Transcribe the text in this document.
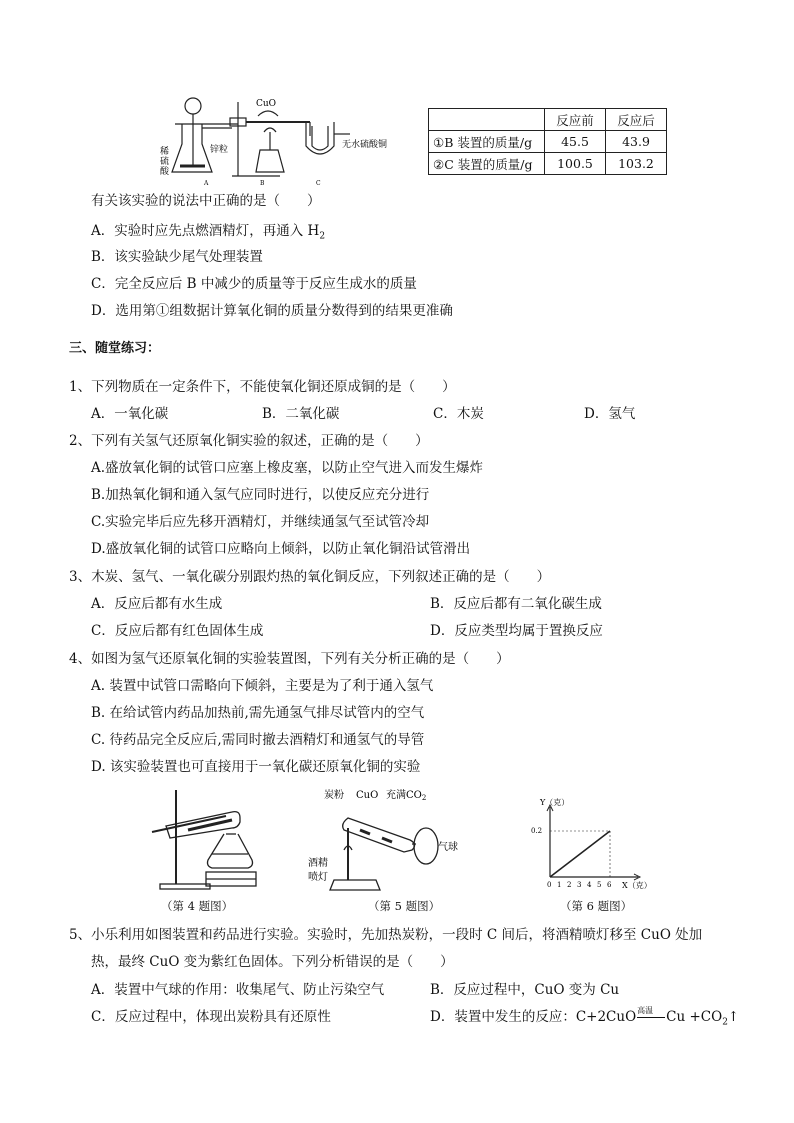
CuO
稀
硫
酸
锌粒	无水硫酸铜
A	B	C
	反应前	反应后
①B 装置的质量/g	45.5	43.9
②C 装置的质量/g	100.5	103.2
有关该实验的说法中正确的是（　　）
A．实验时应先点燃酒精灯，再通入 $H_2$
B．该实验缺少尾气处理装置
C．完全反应后 B 中减少的质量等于反应生成水的质量
D．选用第①组数据计算氧化铜的质量分数得到的结果更准确
三、随堂练习：
1、下列物质在一定条件下，不能使氧化铜还原成铜的是（　　）
A．一氧化碳	B．二氧化碳	C．木炭	D．氢气
2、下列有关氢气还原氧化铜实验的叙述，正确的是（　　）
A.盛放氧化铜的试管口应塞上橡皮塞，以防止空气进入而发生爆炸
B.加热氧化铜和通入氢气应同时进行，以使反应充分进行
C.实验完毕后应先移开酒精灯，并继续通氢气至试管冷却
D.盛放氧化铜的试管口应略向上倾斜，以防止氧化铜沿试管滑出
3、木炭、氢气、一氧化碳分别跟灼热的氧化铜反应，下列叙述正确的是（　　）
A．反应后都有水生成	B．反应后都有二氧化碳生成
C．反应后都有红色固体生成	D．反应类型均属于置换反应
4、如图为氢气还原氧化铜的实验装置图，下列有关分析正确的是（　　）
A. 装置中试管口需略向下倾斜，主要是为了利于通入氢气
B. 在给试管内药品加热前,需先通氢气排尽试管内的空气
C. 待药品完全反应后,需同时撤去酒精灯和通氢气的导管
D. 该实验装置也可直接用于一氧化碳还原氧化铜的实验
炭粉 CuO 充满$CO_2$
气球
酒精
喷灯
Y（克）
0.2
0 1 2 3 4 5 6 X（克）
（第 4 题图）	（第 5 题图）	（第 6 题图）
5、小乐利用如图装置和药品进行实验。实验时，先加热炭粉，一段时 C 间后，将酒精喷灯移至 CuO 处加
热，最终 CuO 变为紫红色固体。下列分析错误的是（　　）
A．装置中气球的作用：收集尾气、防止污染空气	B．反应过程中，CuO 变为 Cu
C．反应过程中，体现出炭粉具有还原性	D．装置中发生的反应：C+2CuO 高温 $Cu +CO_2↑$
